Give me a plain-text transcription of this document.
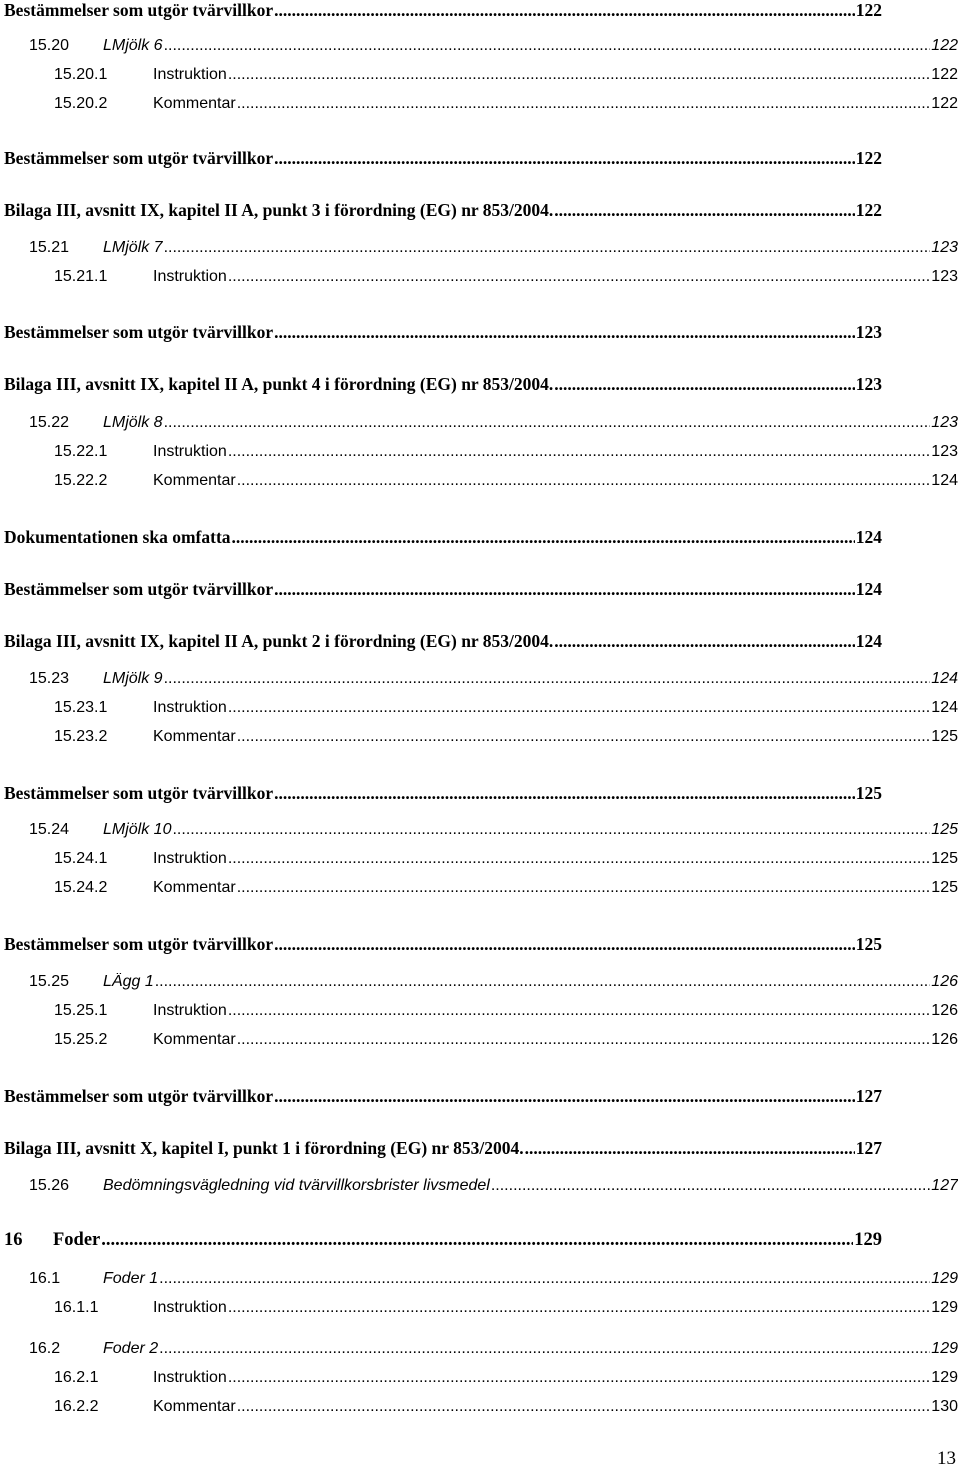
Bestämmelser som utgör tvärvillkor .....	122
15.20	LMjölk 6 .....	122
15.20.1	Instruktion .....	122
15.20.2	Kommentar .....	122
Bestämmelser som utgör tvärvillkor .....	122
Bilaga III, avsnitt IX, kapitel II A, punkt 3 i förordning (EG) nr 853/2004. .....	122
15.21	LMjölk 7 .....	123
15.21.1	Instruktion .....	123
Bestämmelser som utgör tvärvillkor .....	123
Bilaga III, avsnitt IX, kapitel II A, punkt 4 i förordning (EG) nr 853/2004. .....	123
15.22	LMjölk 8 .....	123
15.22.1	Instruktion .....	123
15.22.2	Kommentar .....	124
Dokumentationen ska omfatta .....	124
Bestämmelser som utgör tvärvillkor .....	124
Bilaga III, avsnitt IX, kapitel II A, punkt 2 i förordning (EG) nr 853/2004. .....	124
15.23	LMjölk 9 .....	124
15.23.1	Instruktion .....	124
15.23.2	Kommentar .....	125
Bestämmelser som utgör tvärvillkor .....	125
15.24	LMjölk 10 .....	125
15.24.1	Instruktion .....	125
15.24.2	Kommentar .....	125
Bestämmelser som utgör tvärvillkor .....	125
15.25	LÄgg 1 .....	126
15.25.1	Instruktion .....	126
15.25.2	Kommentar .....	126
Bestämmelser som utgör tvärvillkor .....	127
Bilaga III, avsnitt X, kapitel I, punkt 1 i förordning (EG) nr 853/2004. .....	127
15.26	Bedömningsvägledning vid tvärvillkorsbrister livsmedel .....	127
16	Foder .....	129
16.1	Foder 1 .....	129
16.1.1	Instruktion .....	129
16.2	Foder 2 .....	129
16.2.1	Instruktion .....	129
16.2.2	Kommentar .....	130
13
